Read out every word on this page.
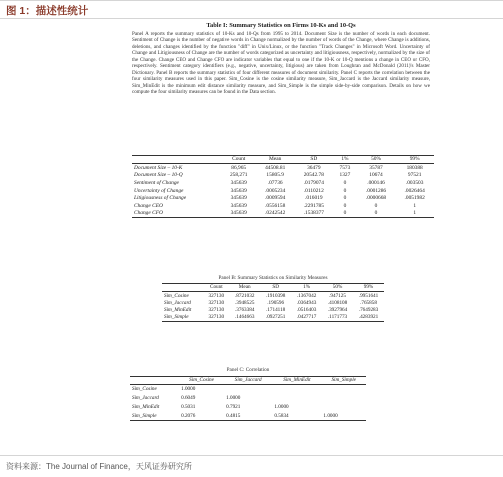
图 1：描述性统计
Table I: Summary Statistics on Firms 10-Ks and 10-Qs
Panel A reports the summary statistics of 10-Ks and 10-Qs from 1995 to 2014. Document Size is the number of words in each document. Sentiment of Change is the number of negative words in Change normalized by the number of words of the Change, where Change is additions, deletions, and changes identified by the function "diff" in Unix/Linux, or the function "Track Changes" in Microsoft Word. Uncertainty of Change and Litigiousness of Change are the number of words categorized as uncertainty and litigiousness, respectively, normalized by the size of the Change. Change CEO and Change CFO are indicator variables that equal to one if the 10-K or 10-Q mentions a change in CEO or CFO, respectively. Sentiment category identifiers (e.g., negative, uncertainty, litigious) are taken from Loughran and McDonald (2011)'s Master Dictionary. Panel B reports the summary statistics of four different measures of document similarity. Panel C reports the correlation between the four similarity measures used in this paper. Sim_Cosine is the cosine similarity measure, Sim_Jaccard is the Jaccard similarity measure, Sim_MinEdit is the minimum edit distance similarity measure, and Sim_Simple is the simple side-by-side comparison. Details on how we compute the four similarity measures can be found in the Data section.
	Count	Mean	SD	1%	50%	99%
Document Size – 10-K	86,965	44508.81	36479	7573	35787	180388
Document Size – 10-Q	258,271	15805.9	20542.78	1327	10674	97521
Sentiment of Change	345639	.07736	.0179074	0	.000146	.003503
Uncertainty of Change	345639	.0005234	.0110212	0	.0001286	.0026464
Litigiousness of Change	345639	.0009594	.016019	0	.0000668	.0051982
Change CEO	345639	.0556158	.2291785	0	0	1
Change CFO	345639	.0242542	.1538377	0	0	1
Panel B: Summary Statistics on Similarity Measures
	Count	Mean	SD	1%	50%	99%
Sim_Cosine	327130	.8721032	.1910398	.1367042	.947125	.9951641
Sim_Jaccard	327130	.3948525	.190596	.0364943	.4108108	.765858
Sim_MinEdit	327130	.3763384	.1714118	.0516403	.3927964	.7649283
Sim_Simple	327130	.1464663	.0927251	.0427717	.1171773	.4283921
Panel C: Correlation
	Sim_Cosine	Sim_Jaccard	Sim_MinEdit	Sim_Simple
Sim_Cosine	1.0000			
Sim_Jaccard	0.6049	1.0000		
Sim_MinEdit	0.5031	0.7921	1.0000	
Sim_Simple	0.2076	0.4815	0.5834	1.0000
资料来源：The Journal of Finance，天风证券研究所
